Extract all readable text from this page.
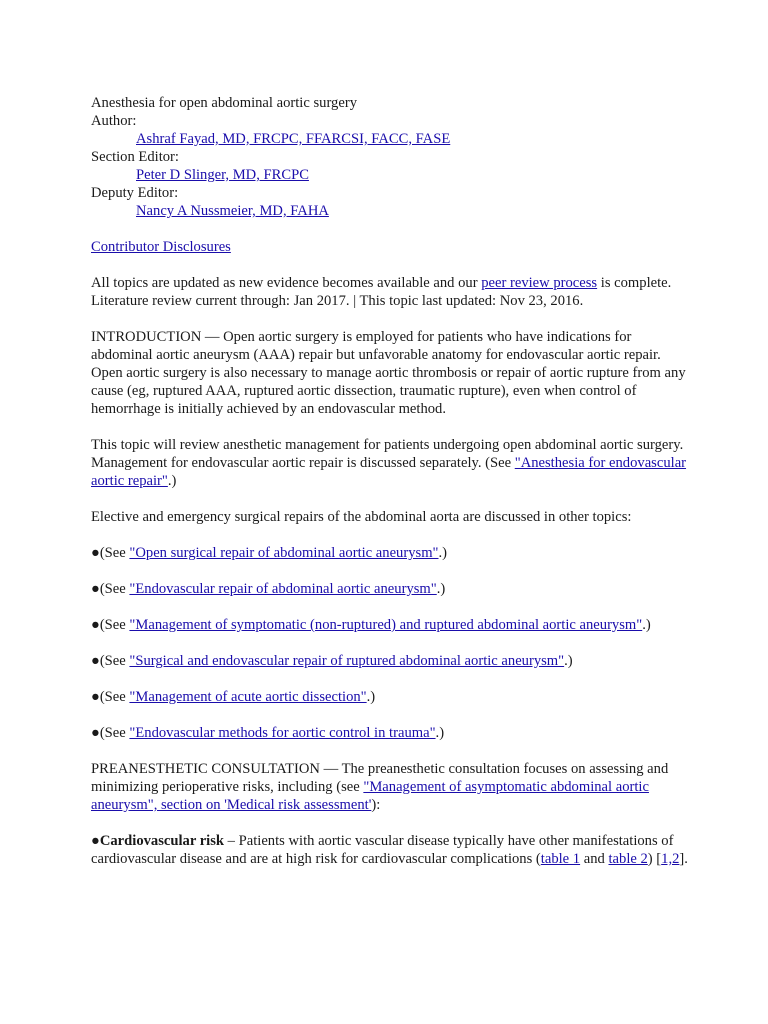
Anesthesia for open abdominal aortic surgery
Author:
Ashraf Fayad, MD, FRCPC, FFARCSI, FACC, FASE
Section Editor:
Peter D Slinger, MD, FRCPC
Deputy Editor:
Nancy A Nussmeier, MD, FAHA
Contributor Disclosures

All topics are updated as new evidence becomes available and our peer review process is complete.

Literature review current through: Jan 2017. | This topic last updated: Nov 23, 2016.

INTRODUCTION — Open aortic surgery is employed for patients who have indications for abdominal aortic aneurysm (AAA) repair but unfavorable anatomy for endovascular aortic repair. Open aortic surgery is also necessary to manage aortic thrombosis or repair of aortic rupture from any cause (eg, ruptured AAA, ruptured aortic dissection, traumatic rupture), even when control of hemorrhage is initially achieved by an endovascular method.

This topic will review anesthetic management for patients undergoing open abdominal aortic surgery. Management for endovascular aortic repair is discussed separately. (See "Anesthesia for endovascular aortic repair".)

Elective and emergency surgical repairs of the abdominal aorta are discussed in other topics:

●(See "Open surgical repair of abdominal aortic aneurysm".)

●(See "Endovascular repair of abdominal aortic aneurysm".)

●(See "Management of symptomatic (non-ruptured) and ruptured abdominal aortic aneurysm".)

●(See "Surgical and endovascular repair of ruptured abdominal aortic aneurysm".)

●(See "Management of acute aortic dissection".)

●(See "Endovascular methods for aortic control in trauma".)

PREANESTHETIC CONSULTATION — The preanesthetic consultation focuses on assessing and minimizing perioperative risks, including (see "Management of asymptomatic abdominal aortic aneurysm", section on 'Medical risk assessment'):

●Cardiovascular risk – Patients with aortic vascular disease typically have other manifestations of cardiovascular disease and are at high risk for cardiovascular complications (table 1 and table 2) [1,2].
